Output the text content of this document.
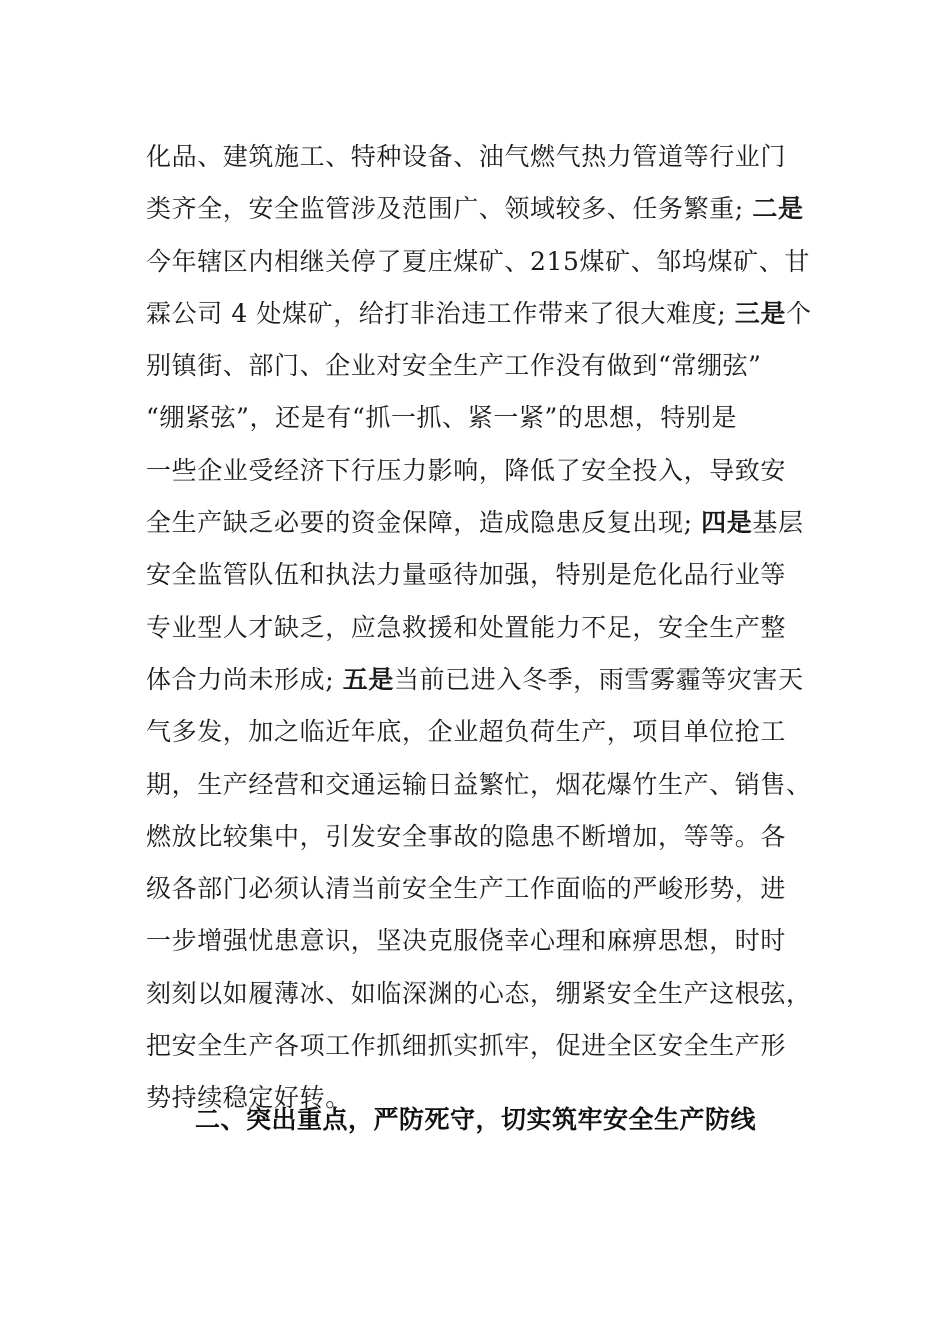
化品、建筑施工、特种设备、油气燃气热力管道等行业门
类齐全，安全监管涉及范围广、领域较多、任务繁重; 二是
今年辖区内相继关停了夏庄煤矿、215煤矿、邹坞煤矿、甘
霖公司 4 处煤矿，给打非治违工作带来了很大难度; 三是个
别镇街、部门、企业对安全生产工作没有做到“常绷弦”
“绷紧弦”，还是有“抓一抓、紧一紧”的思想，特别是
一些企业受经济下行压力影响，降低了安全投入，导致安
全生产缺乏必要的资金保障，造成隐患反复出现; 四是基层
安全监管队伍和执法力量亟待加强，特别是危化品行业等
专业型人才缺乏，应急救援和处置能力不足，安全生产整
体合力尚未形成; 五是当前已进入冬季，雨雪雾霾等灾害天
气多发，加之临近年底，企业超负荷生产，项目单位抢工
期，生产经营和交通运输日益繁忙，烟花爆竹生产、销售、
燃放比较集中，引发安全事故的隐患不断增加，等等。各
级各部门必须认清当前安全生产工作面临的严峻形势，进
一步增强忧患意识，坚决克服侥幸心理和麻痹思想，时时
刻刻以如履薄冰、如临深渊的心态，绷紧安全生产这根弦，
把安全生产各项工作抓细抓实抓牢，促进全区安全生产形
势持续稳定好转。
二、突出重点，严防死守，切实筑牢安全生产防线
